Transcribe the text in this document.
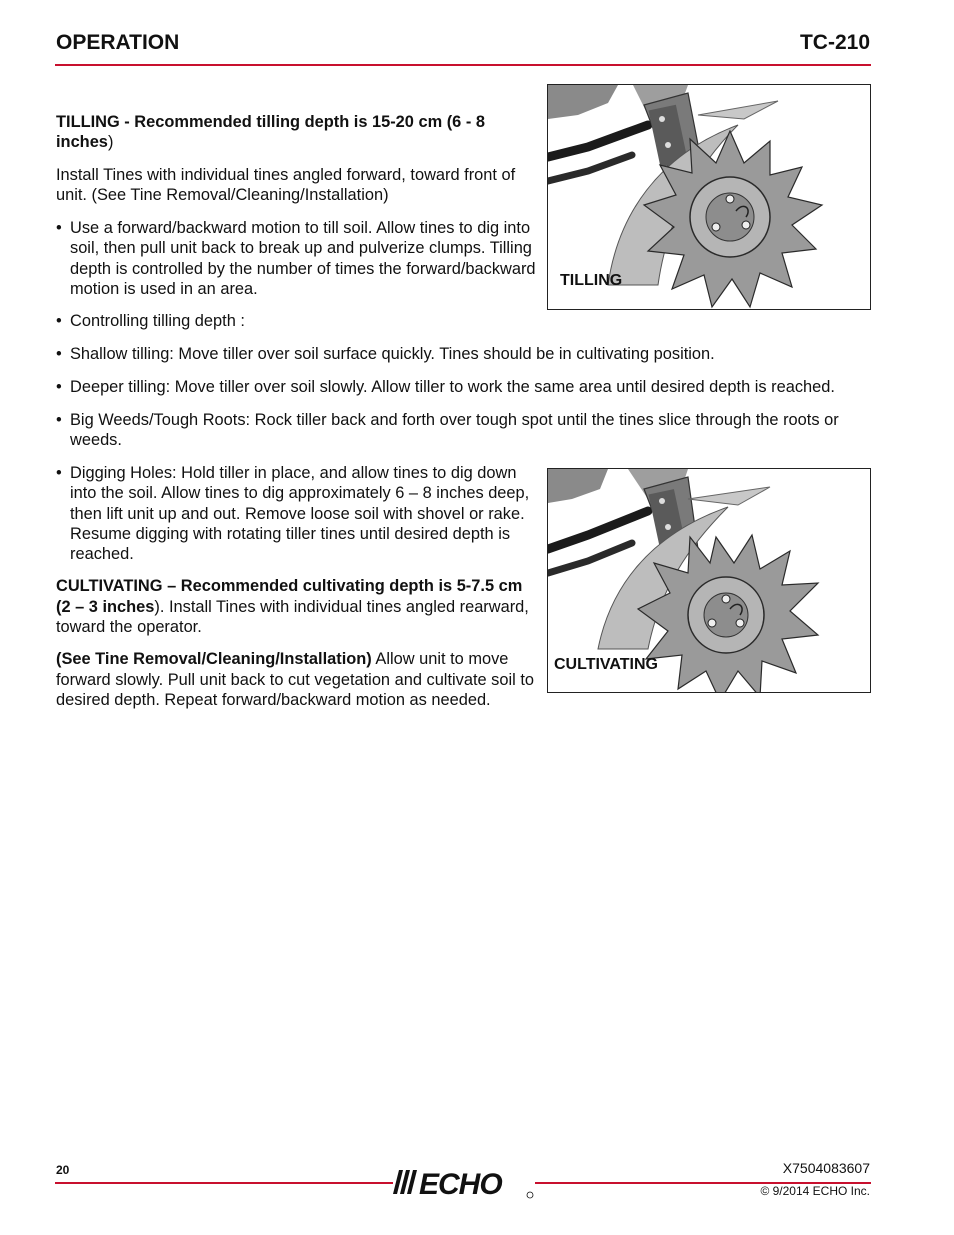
OPERATION	TC-210

TILLING - Recommended tilling depth is 15-20 cm (6 - 8 inches)

Install Tines with individual tines angled forward, toward front of unit. (See Tine Removal/Cleaning/Installation)

• Use a forward/backward motion to till soil. Allow tines to dig into soil, then pull unit back to break up and pulverize clumps. Tilling depth is controlled by the number of times the forward/backward motion is used in an area.

• Controlling tilling depth :

• Shallow tilling: Move tiller over soil surface quickly. Tines should be in cultivating position.

• Deeper tilling: Move tiller over soil slowly. Allow tiller to work the same area until desired depth is reached.

• Big Weeds/Tough Roots: Rock tiller back and forth over tough spot until the tines slice through the roots or weeds.

• Digging Holes: Hold tiller in place, and allow tines to dig down into the soil. Allow tines to dig approximately 6 – 8 inches deep, then lift unit up and out. Remove loose soil with shovel or rake. Resume digging with rotating tiller tines until desired depth is reached.

CULTIVATING – Recommended cultivating depth is 5-7.5 cm (2 – 3 inches). Install Tines with individual tines angled rearward, toward the operator.

(See Tine Removal/Cleaning/Installation) Allow unit to move forward slowly. Pull unit back to cut vegetation and cultivate soil to desired depth. Repeat forward/backward motion as needed.

TILLING
CULTIVATING
20	ECHO	X7504083607
© 9/2014 ECHO Inc.
